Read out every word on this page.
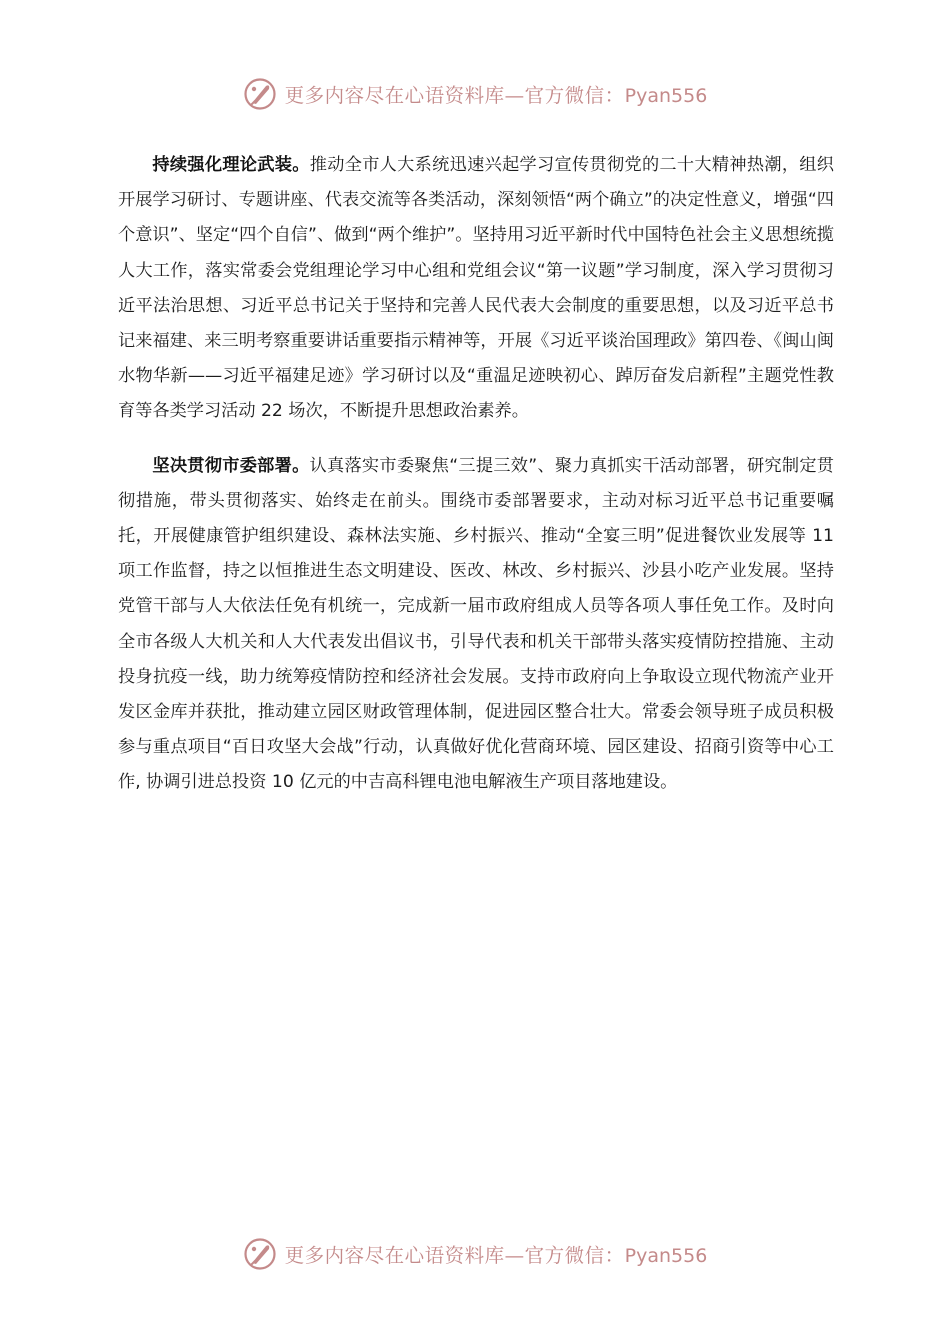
更多内容尽在心语资料库—官方微信：Pyan556

持续强化理论武装。推动全市人大系统迅速兴起学习宣传贯彻党的二十大精神热潮，组织开展学习研讨、专题讲座、代表交流等各类活动，深刻领悟“两个确立”的决定性意义，增强“四个意识”、坚定“四个自信”、做到“两个维护”。坚持用习近平新时代中国特色社会主义思想统揽人大工作，落实常委会党组理论学习中心组和党组会议“第一议题”学习制度，深入学习贯彻习近平法治思想、习近平总书记关于坚持和完善人民代表大会制度的重要思想，以及习近平总书记来福建、来三明考察重要讲话重要指示精神等，开展《习近平谈治国理政》第四卷、《闽山闽水物华新——习近平福建足迹》学习研讨以及“重温足迹映初心、踔厉奋发启新程”主题党性教育等各类学习活动 22 场次，不断提升思想政治素养。

坚决贯彻市委部署。认真落实市委聚焦“三提三效”、聚力真抓实干活动部署，研究制定贯彻措施，带头贯彻落实、始终走在前头。围绕市委部署要求，主动对标习近平总书记重要嘱托，开展健康管护组织建设、森林法实施、乡村振兴、推动“全宴三明”促进餐饮业发展等 11 项工作监督，持之以恒推进生态文明建设、医改、林改、乡村振兴、沙县小吃产业发展。坚持党管干部与人大依法任免有机统一，完成新一届市政府组成人员等各项人事任免工作。及时向全市各级人大机关和人大代表发出倡议书，引导代表和机关干部带头落实疫情防控措施、主动投身抗疫一线，助力统筹疫情防控和经济社会发展。支持市政府向上争取设立现代物流产业开发区金库并获批，推动建立园区财政管理体制，促进园区整合壮大。常委会领导班子成员积极参与重点项目“百日攻坚大会战”行动，认真做好优化营商环境、园区建设、招商引资等中心工作, 协调引进总投资 10 亿元的中吉高科锂电池电解液生产项目落地建设。

更多内容尽在心语资料库—官方微信：Pyan556
